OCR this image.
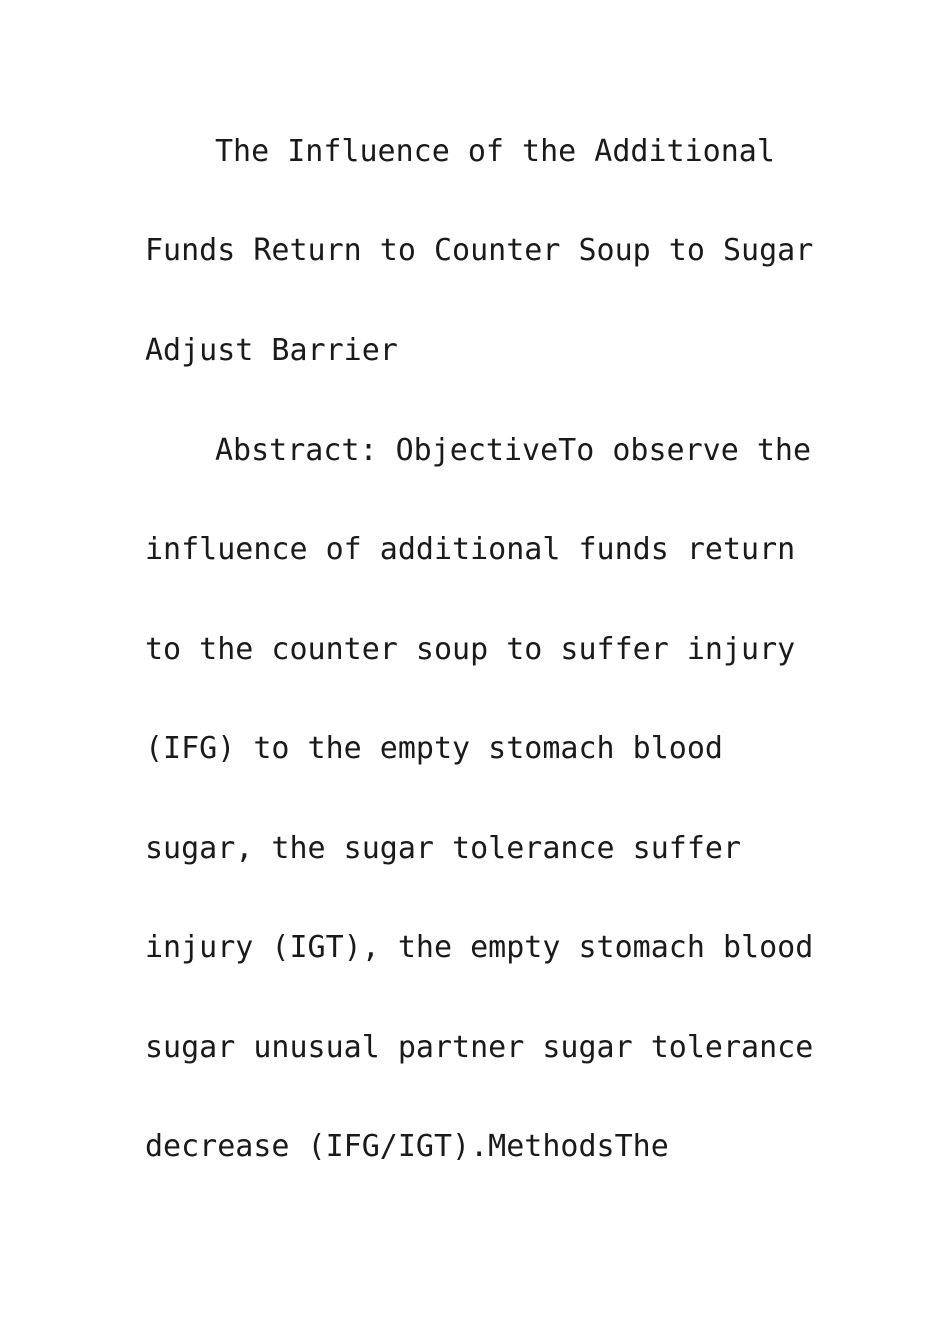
The Influence of the Additional

Funds Return to Counter Soup to Sugar

Adjust Barrier

Abstract: ObjectiveTo observe the

influence of additional funds return

to the counter soup to suffer injury

(IFG) to the empty stomach blood

sugar, the sugar tolerance suffer

injury (IGT), the empty stomach blood

sugar unusual partner sugar tolerance

decrease (IFG/IGT).MethodsThe
